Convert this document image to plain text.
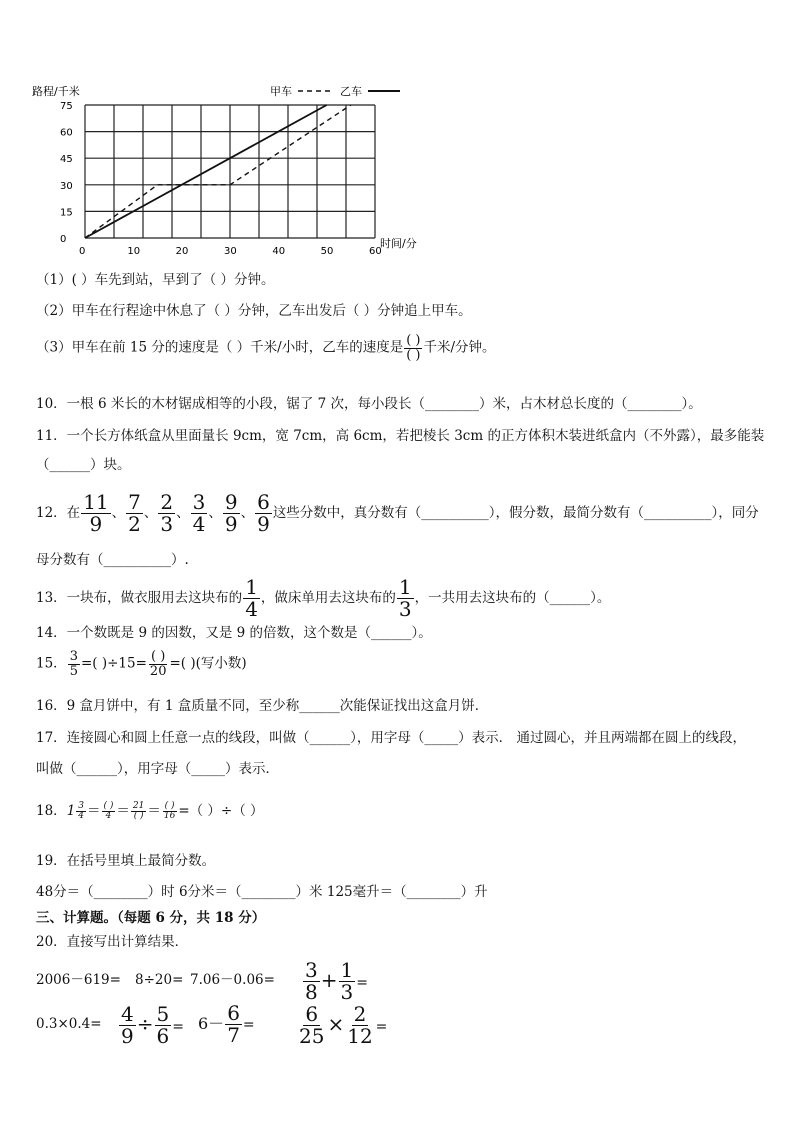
路程/千米	甲车	乙车
0	10	20	30	40	50	60
0
15
30
45
60
75
时间/分
（1）( ）车先到站，早到了（ ）分钟。
（2）甲车在行程途中休息了（ ）分钟，乙车出发后（ ）分钟追上甲车。
（3）甲车在前 15 分的速度是（ ）千米/小时，乙车的速度是 $\frac{( )}{( )}$ 千米/分钟。
10．一根 6 米长的木材锯成相等的小段，锯了 7 次，每小段长（________）米，占木材总长度的（________）。
11．一个长方体纸盒从里面量长 9cm，宽 7cm，高 6cm，若把棱长 3cm 的正方体积木装进纸盒内（不外露），最多能装
（______）块。
12．在 $\frac{11}{9}$ 、 $\frac{7}{2}$ 、 $\frac{2}{3}$ 、 $\frac{3}{4}$ 、 $\frac{9}{9}$ 、 $\frac{6}{9}$ 这些分数中，真分数有（__________），假分数，最简分数有（__________），同分
母分数有（__________）.
13．一块布，做衣服用去这块布的 $\frac{1}{4}$ ，做床单用去这块布的 $\frac{1}{3}$ ，一共用去这块布的（______）。
14．一个数既是 9 的因数，又是 9 的倍数，这个数是（______）。
15． $\frac{3}{5}$ =( )$\div 15= \frac{( )}{20}$ =( )(写小数)
16．9 盒月饼中，有 1 盒质量不同，至少称______次能保证找出这盒月饼．
17．连接圆心和圆上任意一点的线段，叫做（______），用字母（_____）表示． 通过圆心，并且两端都在圆上的线段，
叫做（______），用字母（_____）表示．
18．$1 \frac{3}{4} = \frac{( )}{4} = \frac{21}{( )} = \frac{( )}{16}$ =（ ）÷（ ）
19．在括号里填上最简分数。
48分＝（________）时 6分米＝（________）米 125毫升＝（________）升
三、计算题。（每题 6 分，共 18 分）
20．直接写出计算结果．
$2006-619= 8\div 20= 7.06-0.06= \frac{3}{8} + \frac{1}{3}$ =
$0.3\times 0.4= \frac{4}{9} \div \frac{5}{6} = 6- \frac{6}{7} = \frac{6}{25} \times \frac{2}{12}$ =
